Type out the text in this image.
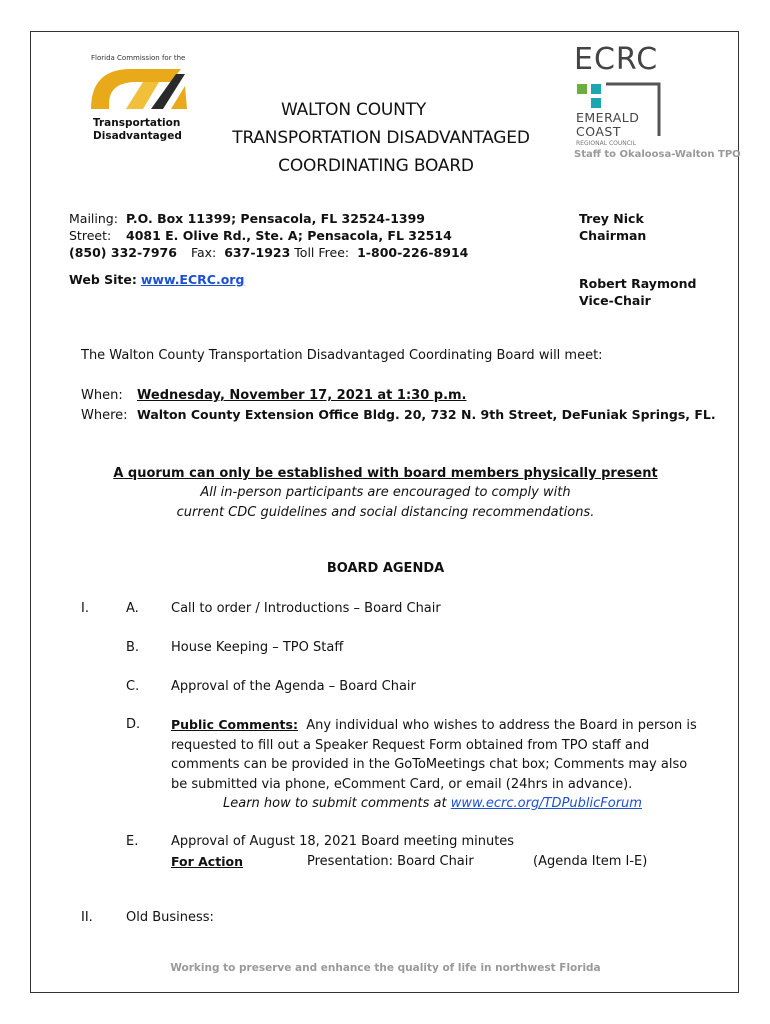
Florida Commission for the
Transportation
Disadvantaged
WALTON COUNTY
TRANSPORTATION DISADVANTAGED
COORDINATING BOARD
ECRC
EMERALD
COAST
REGIONAL COUNCIL
Staff to Okaloosa-Walton TPO
Mailing: P.O. Box 11399; Pensacola, FL 32524-1399
Street: 4081 E. Olive Rd., Ste. A; Pensacola, FL 32514
(850) 332-7976 Fax: 637-1923 Toll Free: 1-800-226-8914
Web Site: www.ECRC.org
Trey Nick
Chairman
Robert Raymond
Vice-Chair
The Walton County Transportation Disadvantaged Coordinating Board will meet:
When: Wednesday, November 17, 2021 at 1:30 p.m.
Where: Walton County Extension Office Bldg. 20, 732 N. 9th Street, DeFuniak Springs, FL.
A quorum can only be established with board members physically present
All in-person participants are encouraged to comply with
current CDC guidelines and social distancing recommendations.
BOARD AGENDA
I.	A. Call to order / Introductions – Board Chair
B. House Keeping – TPO Staff
C. Approval of the Agenda – Board Chair
D. Public Comments: Any individual who wishes to address the Board in person is
requested to fill out a Speaker Request Form obtained from TPO staff and
comments can be provided in the GoToMeetings chat box; Comments may also
be submitted via phone, eComment Card, or email (24hrs in advance).
Learn how to submit comments at www.ecrc.org/TDPublicForum
E.	Approval of August 18, 2021 Board meeting minutes
For Action	Presentation: Board Chair	(Agenda Item I-E)
II.	Old Business:
Working to preserve and enhance the quality of life in northwest Florida
